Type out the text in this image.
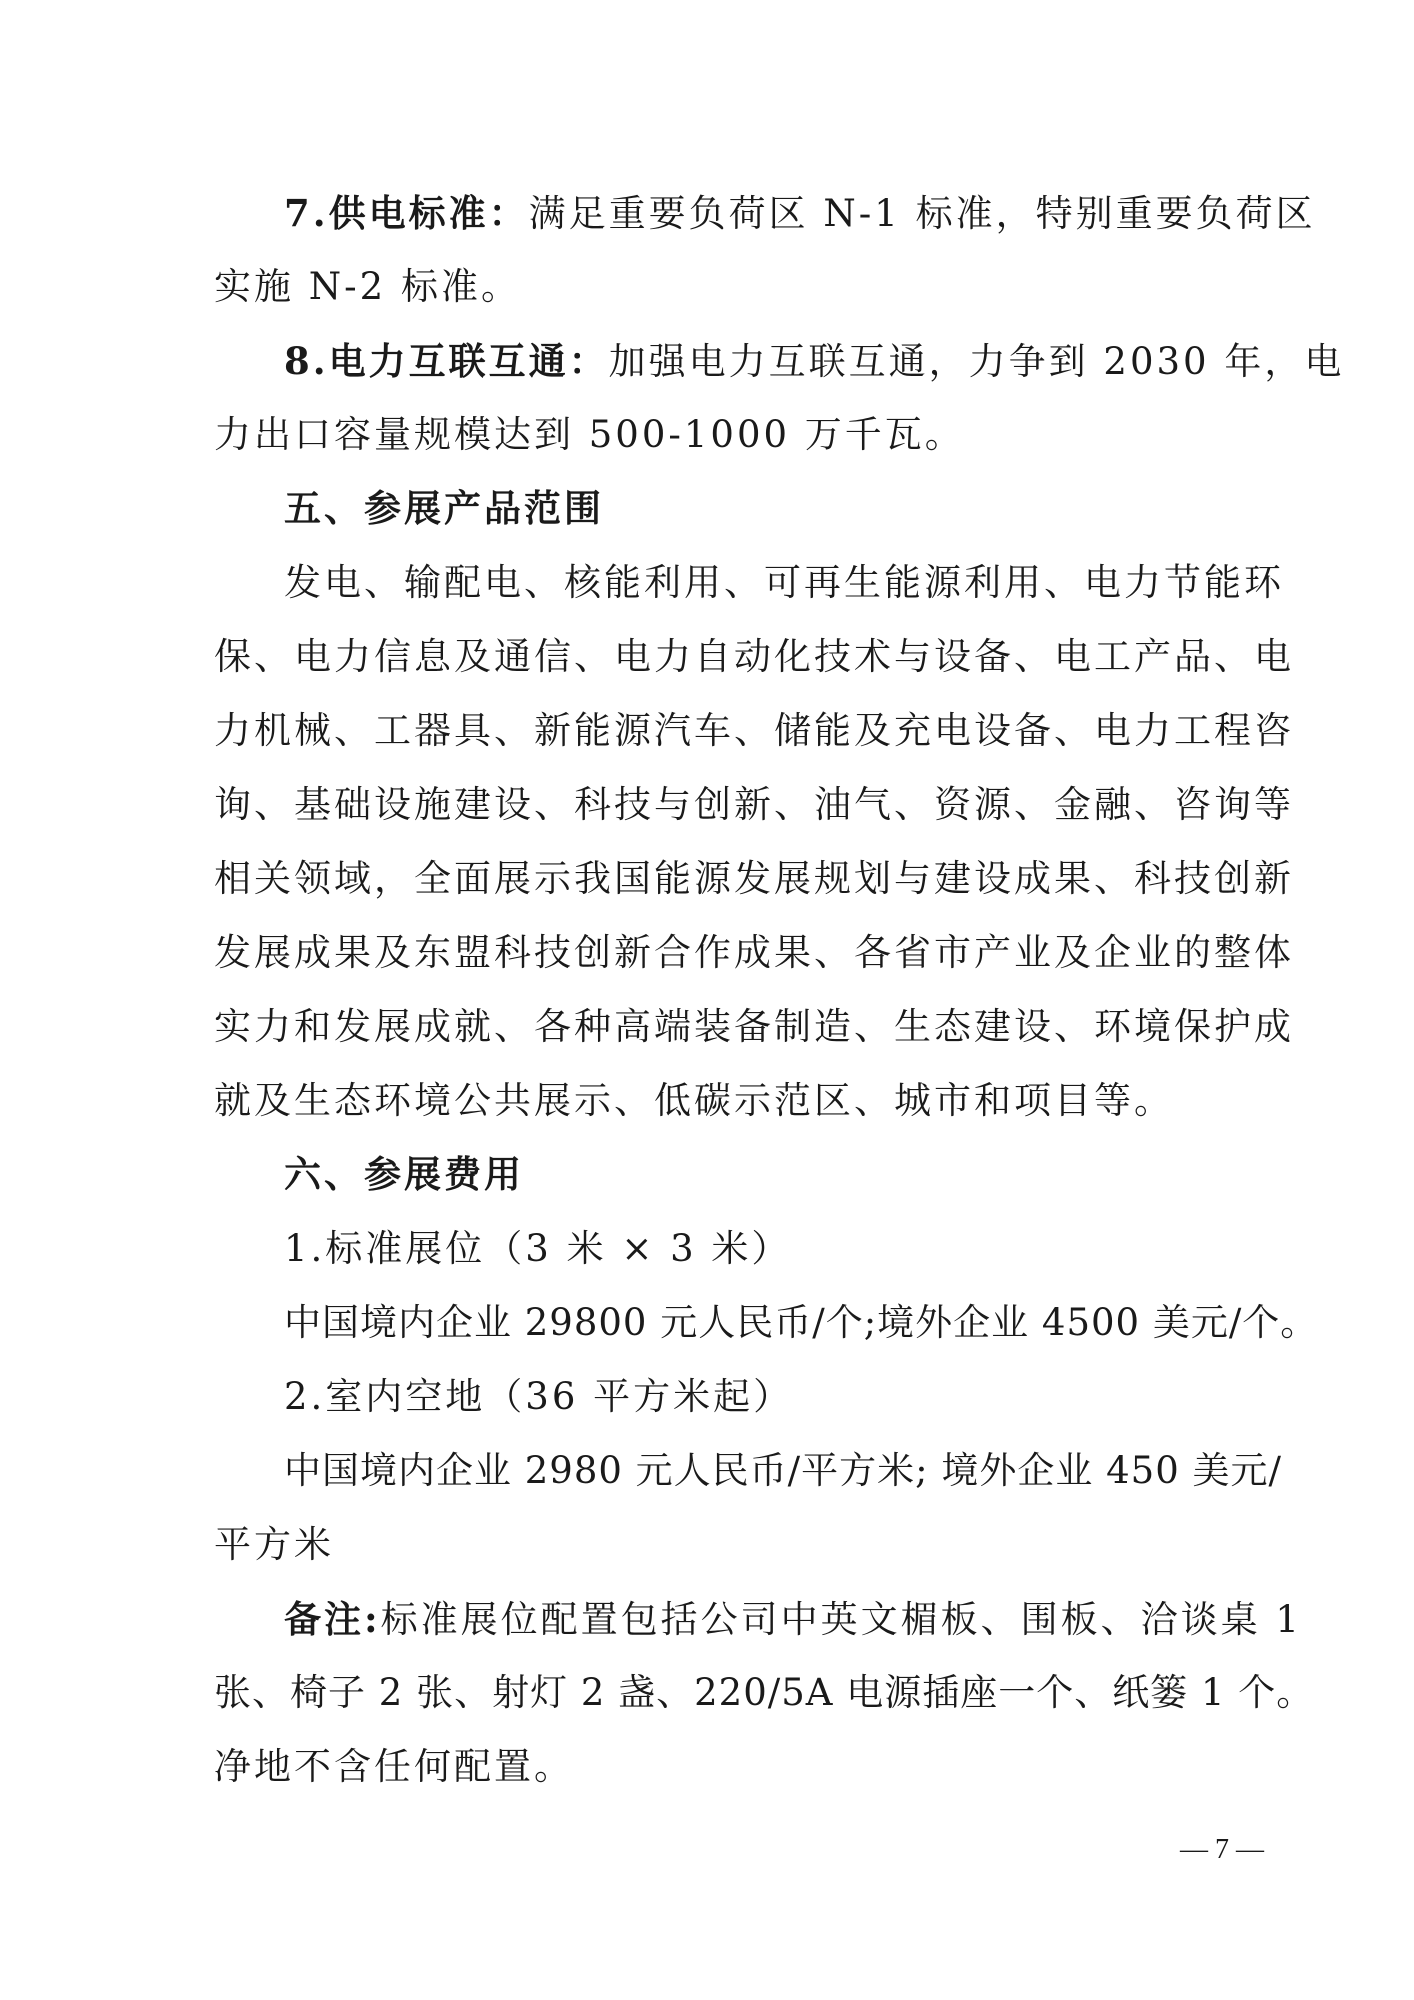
7.供电标准：满足重要负荷区 N-1 标准，特别重要负荷区
实施 N-2 标准。
8.电力互联互通：加强电力互联互通，力争到 2030 年，电
力出口容量规模达到 500-1000 万千瓦。
五、参展产品范围
发电、输配电、核能利用、可再生能源利用、电力节能环
保、电力信息及通信、电力自动化技术与设备、电工产品、电
力机械、工器具、新能源汽车、储能及充电设备、电力工程咨
询、基础设施建设、科技与创新、油气、资源、金融、咨询等
相关领域，全面展示我国能源发展规划与建设成果、科技创新
发展成果及东盟科技创新合作成果、各省市产业及企业的整体
实力和发展成就、各种高端装备制造、生态建设、环境保护成
就及生态环境公共展示、低碳示范区、城市和项目等。
六、参展费用
1.标准展位（3 米 × 3 米）
中国境内企业 29800 元人民币/个;境外企业 4500 美元/个。
2.室内空地（36 平方米起）
中国境内企业 2980 元人民币/平方米; 境外企业 450 美元/
平方米
备注:标准展位配置包括公司中英文楣板、围板、洽谈桌 1
张、椅子 2 张、射灯 2 盏、220/5A 电源插座一个、纸篓 1 个。
净地不含任何配置。
— 7 —
